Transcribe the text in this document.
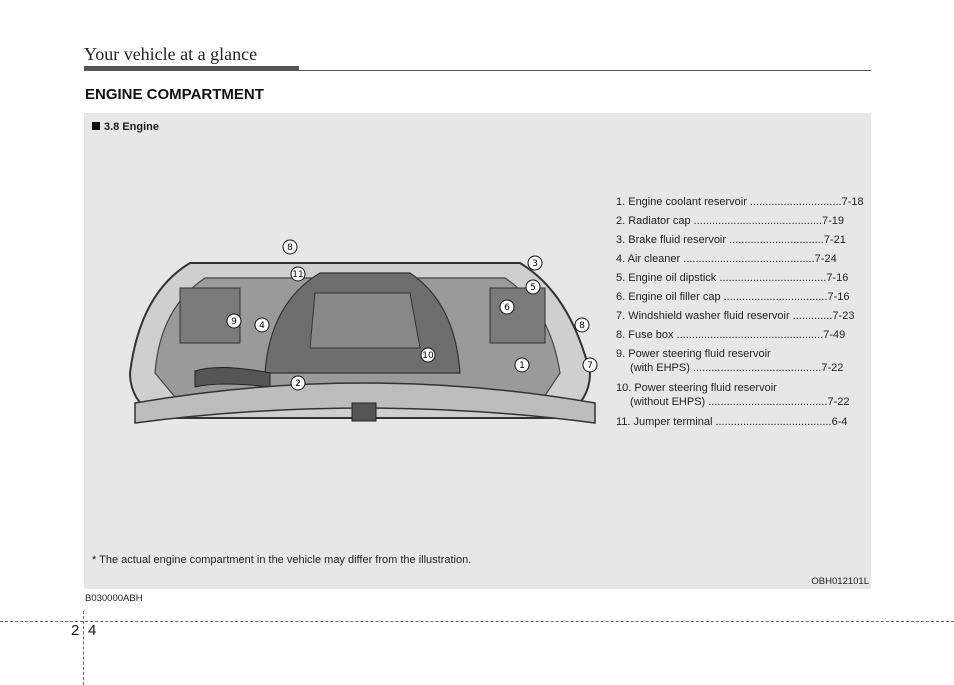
Your vehicle at a glance
ENGINE COMPARTMENT
3.8 Engine
1
2
3
4
5
6
7
8
8
9
10
11
1. Engine coolant reservoir ..............................7-18
2. Radiator cap ..........................................7-19
3. Brake fluid reservoir ...............................7-21
4. Air cleaner ...........................................7-24
5. Engine oil dipstick ...................................7-16
6. Engine oil filler cap ..................................7-16
7. Windshield washer fluid reservoir .............7-23
8. Fuse box ................................................7-49
9. Power steering fluid reservoir
(with EHPS) ..........................................7-22
10. Power steering fluid reservoir
(without EHPS) .......................................7-22
11. Jumper terminal ......................................6-4
* The actual engine compartment in the vehicle may differ from the illustration.
OBH012101L
B030000ABH
2 4
